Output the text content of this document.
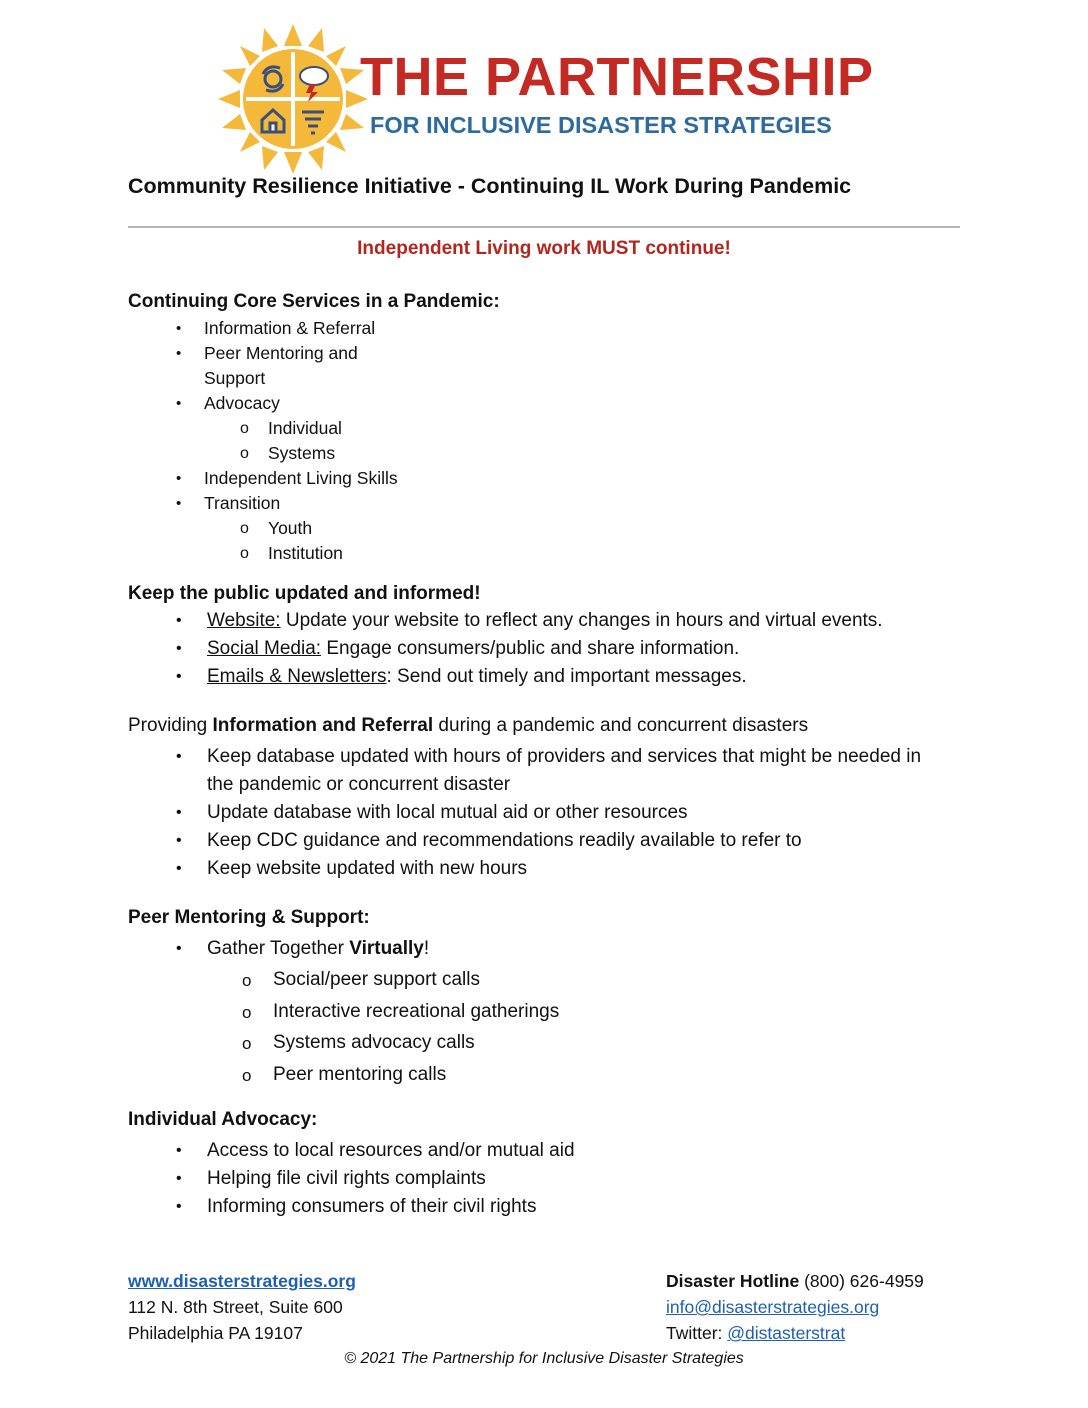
THE PARTNERSHIP
FOR INCLUSIVE DISASTER STRATEGIES
Community Resilience Initiative - Continuing IL Work During Pandemic
Independent Living work MUST continue!

Continuing Core Services in a Pandemic:

• Information & Referral
• Peer Mentoring and
Support
• Advocacy
o Individual
o Systems
• Independent Living Skills
• Transition
o Youth
o Institution

Keep the public updated and informed!

• Website: Update your website to reflect any changes in hours and virtual events.
• Social Media: Engage consumers/public and share information.
• Emails & Newsletters: Send out timely and important messages.

Providing Information and Referral during a pandemic and concurrent disasters

• Keep database updated with hours of providers and services that might be needed in the pandemic or concurrent disaster
• Update database with local mutual aid or other resources
• Keep CDC guidance and recommendations readily available to refer to
• Keep website updated with new hours

Peer Mentoring & Support:

• Gather Together Virtually!
o Social/peer support calls
o Interactive recreational gatherings
o Systems advocacy calls
o Peer mentoring calls

Individual Advocacy:

• Access to local resources and/or mutual aid
• Helping file civil rights complaints
• Informing consumers of their civil rights
www.disasterstrategies.org
112 N. 8th Street, Suite 600
Philadelphia PA 19107
Disaster Hotline (800) 626-4959
info@disasterstrategies.org
Twitter: @distasterstrat
© 2021 The Partnership for Inclusive Disaster Strategies
